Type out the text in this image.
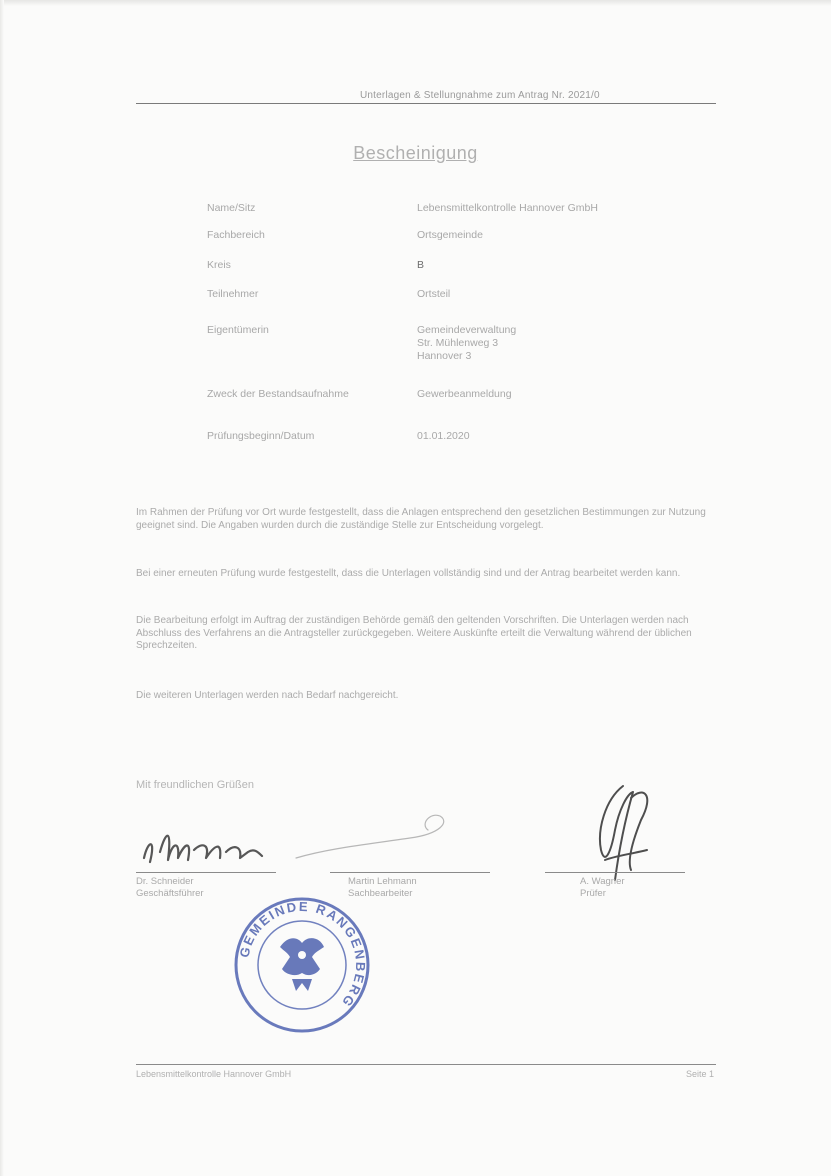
Unterlagen & Stellungnahme zum Antrag Nr. 2021/0
Bescheinigung
Name/Sitz	Lebensmittelkontrolle Hannover GmbH
Fachbereich	Ortsgemeinde
Kreis	B
Teilnehmer	Ortsteil
Eigentümerin	Gemeindeverwaltung
Str. Mühlenweg 3
Hannover 3
Zweck der Bestandsaufnahme	Gewerbeanmeldung
Prüfungsbeginn/Datum	01.01.2020
Im Rahmen der Prüfung vor Ort wurde festgestellt, dass die Anlagen entsprechend den gesetzlichen Bestimmungen zur Nutzung geeignet sind. Die Angaben wurden durch die zuständige Stelle zur Entscheidung vorgelegt.
Bei einer erneuten Prüfung wurde festgestellt, dass die Unterlagen vollständig sind und der Antrag bearbeitet werden kann.
Die Bearbeitung erfolgt im Auftrag der zuständigen Behörde gemäß den geltenden Vorschriften. Die Unterlagen werden nach Abschluss des Verfahrens an die Antragsteller zurückgegeben. Weitere Auskünfte erteilt die Verwaltung während der üblichen Sprechzeiten.
Die weiteren Unterlagen werden nach Bedarf nachgereicht.
Mit freundlichen Grüßen
Dr. Schneider
Geschäftsführer
Martin Lehmann
Sachbearbeiter
A. Wagner
Prüfer
GEMEINDE RANGENBERG
Lebensmittelkontrolle Hannover GmbH	Seite 1
